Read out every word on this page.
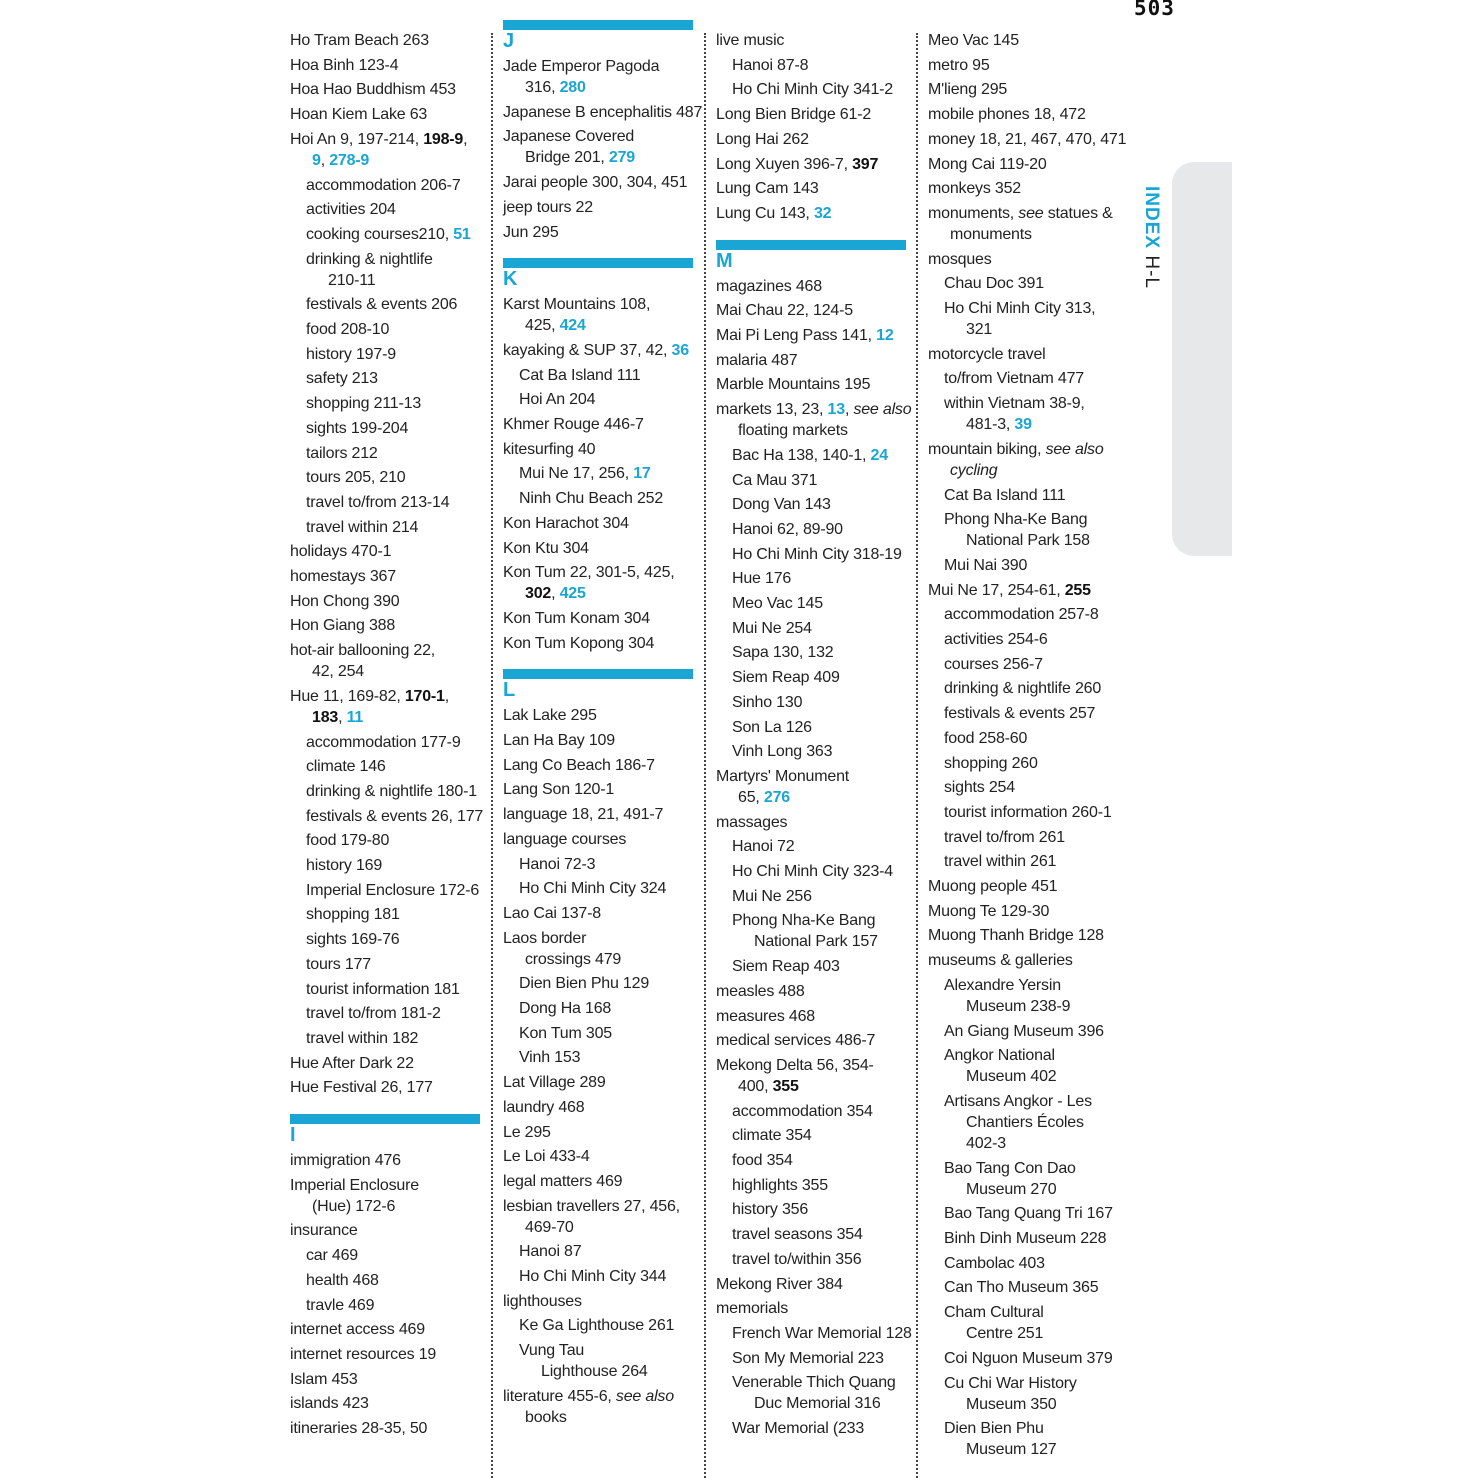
503
INDEX H-L
Ho Tram Beach 263
Hoa Binh 123-4
Hoa Hao Buddhism 453
Hoan Kiem Lake 63
Hoi An 9, 197-214, 198-9,
9, 278-9
accommodation 206-7
activities 204
cooking courses210, 51
drinking & nightlife
210-11
festivals & events 206
food 208-10
history 197-9
safety 213
shopping 211-13
sights 199-204
tailors 212
tours 205, 210
travel to/from 213-14
travel within 214
holidays 470-1
homestays 367
Hon Chong 390
Hon Giang 388
hot-air ballooning 22,
42, 254
Hue 11, 169-82, 170-1,
183, 11
accommodation 177-9
climate 146
drinking & nightlife 180-1
festivals & events 26, 177
food 179-80
history 169
Imperial Enclosure 172-6
shopping 181
sights 169-76
tours 177
tourist information 181
travel to/from 181-2
travel within 182
Hue After Dark 22
Hue Festival 26, 177
I
immigration 476
Imperial Enclosure
(Hue) 172-6
insurance
car 469
health 468
travle 469
internet access 469
internet resources 19
Islam 453
islands 423
itineraries 28-35, 50
J
Jade Emperor Pagoda
316, 280
Japanese B encephalitis 487
Japanese Covered
Bridge 201, 279
Jarai people 300, 304, 451
jeep tours 22
Jun 295
K
Karst Mountains 108,
425, 424
kayaking & SUP 37, 42, 36
Cat Ba Island 111
Hoi An 204
Khmer Rouge 446-7
kitesurfing 40
Mui Ne 17, 256, 17
Ninh Chu Beach 252
Kon Harachot 304
Kon Ktu 304
Kon Tum 22, 301-5, 425,
302, 425
Kon Tum Konam 304
Kon Tum Kopong 304
L
Lak Lake 295
Lan Ha Bay 109
Lang Co Beach 186-7
Lang Son 120-1
language 18, 21, 491-7
language courses
Hanoi 72-3
Ho Chi Minh City 324
Lao Cai 137-8
Laos border
crossings 479
Dien Bien Phu 129
Dong Ha 168
Kon Tum 305
Vinh 153
Lat Village 289
laundry 468
Le 295
Le Loi 433-4
legal matters 469
lesbian travellers 27, 456,
469-70
Hanoi 87
Ho Chi Minh City 344
lighthouses
Ke Ga Lighthouse 261
Vung Tau
Lighthouse 264
literature 455-6, see also
books
live music
Hanoi 87-8
Ho Chi Minh City 341-2
Long Bien Bridge 61-2
Long Hai 262
Long Xuyen 396-7, 397
Lung Cam 143
Lung Cu 143, 32
M
magazines 468
Mai Chau 22, 124-5
Mai Pi Leng Pass 141, 12
malaria 487
Marble Mountains 195
markets 13, 23, 13, see also
floating markets
Bac Ha 138, 140-1, 24
Ca Mau 371
Dong Van 143
Hanoi 62, 89-90
Ho Chi Minh City 318-19
Hue 176
Meo Vac 145
Mui Ne 254
Sapa 130, 132
Siem Reap 409
Sinho 130
Son La 126
Vinh Long 363
Martyrs' Monument
65, 276
massages
Hanoi 72
Ho Chi Minh City 323-4
Mui Ne 256
Phong Nha-Ke Bang
National Park 157
Siem Reap 403
measles 488
measures 468
medical services 486-7
Mekong Delta 56, 354-
400, 355
accommodation 354
climate 354
food 354
highlights 355
history 356
travel seasons 354
travel to/within 356
Mekong River 384
memorials
French War Memorial 128
Son My Memorial 223
Venerable Thich Quang
Duc Memorial 316
War Memorial (233
Meo Vac 145
metro 95
M'lieng 295
mobile phones 18, 472
money 18, 21, 467, 470, 471
Mong Cai 119-20
monkeys 352
monuments, see statues &
monuments
mosques
Chau Doc 391
Ho Chi Minh City 313,
321
motorcycle travel
to/from Vietnam 477
within Vietnam 38-9,
481-3, 39
mountain biking, see also
cycling
Cat Ba Island 111
Phong Nha-Ke Bang
National Park 158
Mui Nai 390
Mui Ne 17, 254-61, 255
accommodation 257-8
activities 254-6
courses 256-7
drinking & nightlife 260
festivals & events 257
food 258-60
shopping 260
sights 254
tourist information 260-1
travel to/from 261
travel within 261
Muong people 451
Muong Te 129-30
Muong Thanh Bridge 128
museums & galleries
Alexandre Yersin
Museum 238-9
An Giang Museum 396
Angkor National
Museum 402
Artisans Angkor - Les
Chantiers Écoles
402-3
Bao Tang Con Dao
Museum 270
Bao Tang Quang Tri 167
Binh Dinh Museum 228
Cambolac 403
Can Tho Museum 365
Cham Cultural
Centre 251
Coi Nguon Museum 379
Cu Chi War History
Museum 350
Dien Bien Phu
Museum 127
